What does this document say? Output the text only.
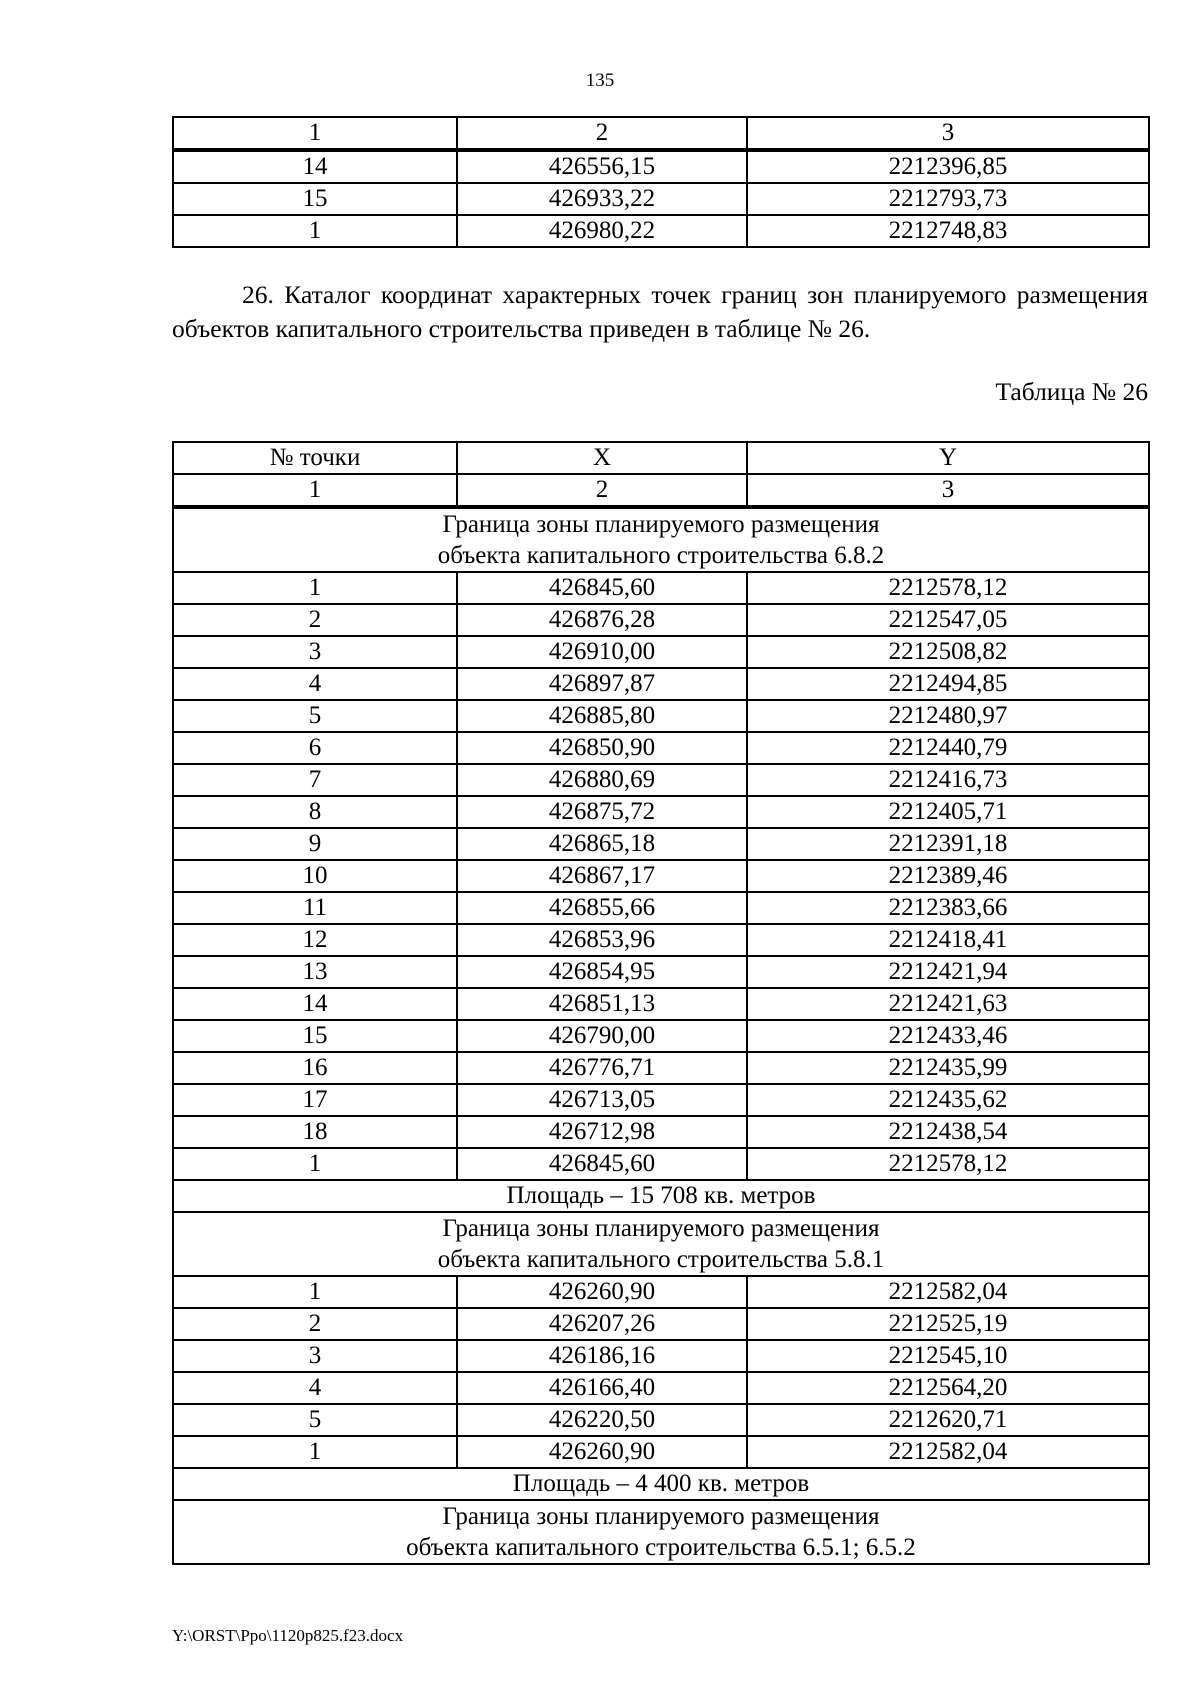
135
1	2	3
14	426556,15	2212396,85
15	426933,22	2212793,73
1	426980,22	2212748,83
26. Каталог координат характерных точек границ зон планируемого размещения объектов капитального строительства приведен в таблице № 26.
Таблица № 26
№ точки	X	Y
1	2	3

Граница зоны планируемого размещения
объекта капитального строительства 6.8.2		

1	426845,60	2212578,12
2	426876,28	2212547,05
3	426910,00	2212508,82
4	426897,87	2212494,85
5	426885,80	2212480,97
6	426850,90	2212440,79
7	426880,69	2212416,73
8	426875,72	2212405,71
9	426865,18	2212391,18
10	426867,17	2212389,46
11	426855,66	2212383,66
12	426853,96	2212418,41
13	426854,95	2212421,94
14	426851,13	2212421,63
15	426790,00	2212433,46
16	426776,71	2212435,99
17	426713,05	2212435,62
18	426712,98	2212438,54
1	426845,60	2212578,12
Площадь – 15 708 кв. метров		

Граница зоны планируемого размещения
объекта капитального строительства 5.8.1		

1	426260,90	2212582,04
2	426207,26	2212525,19
3	426186,16	2212545,10
4	426166,40	2212564,20
5	426220,50	2212620,71
1	426260,90	2212582,04
Площадь – 4 400 кв. метров		

Граница зоны планируемого размещения
объекта капитального строительства 6.5.1; 6.5.2		
Y:\ORST\Ppo\1120p825.f23.docx
